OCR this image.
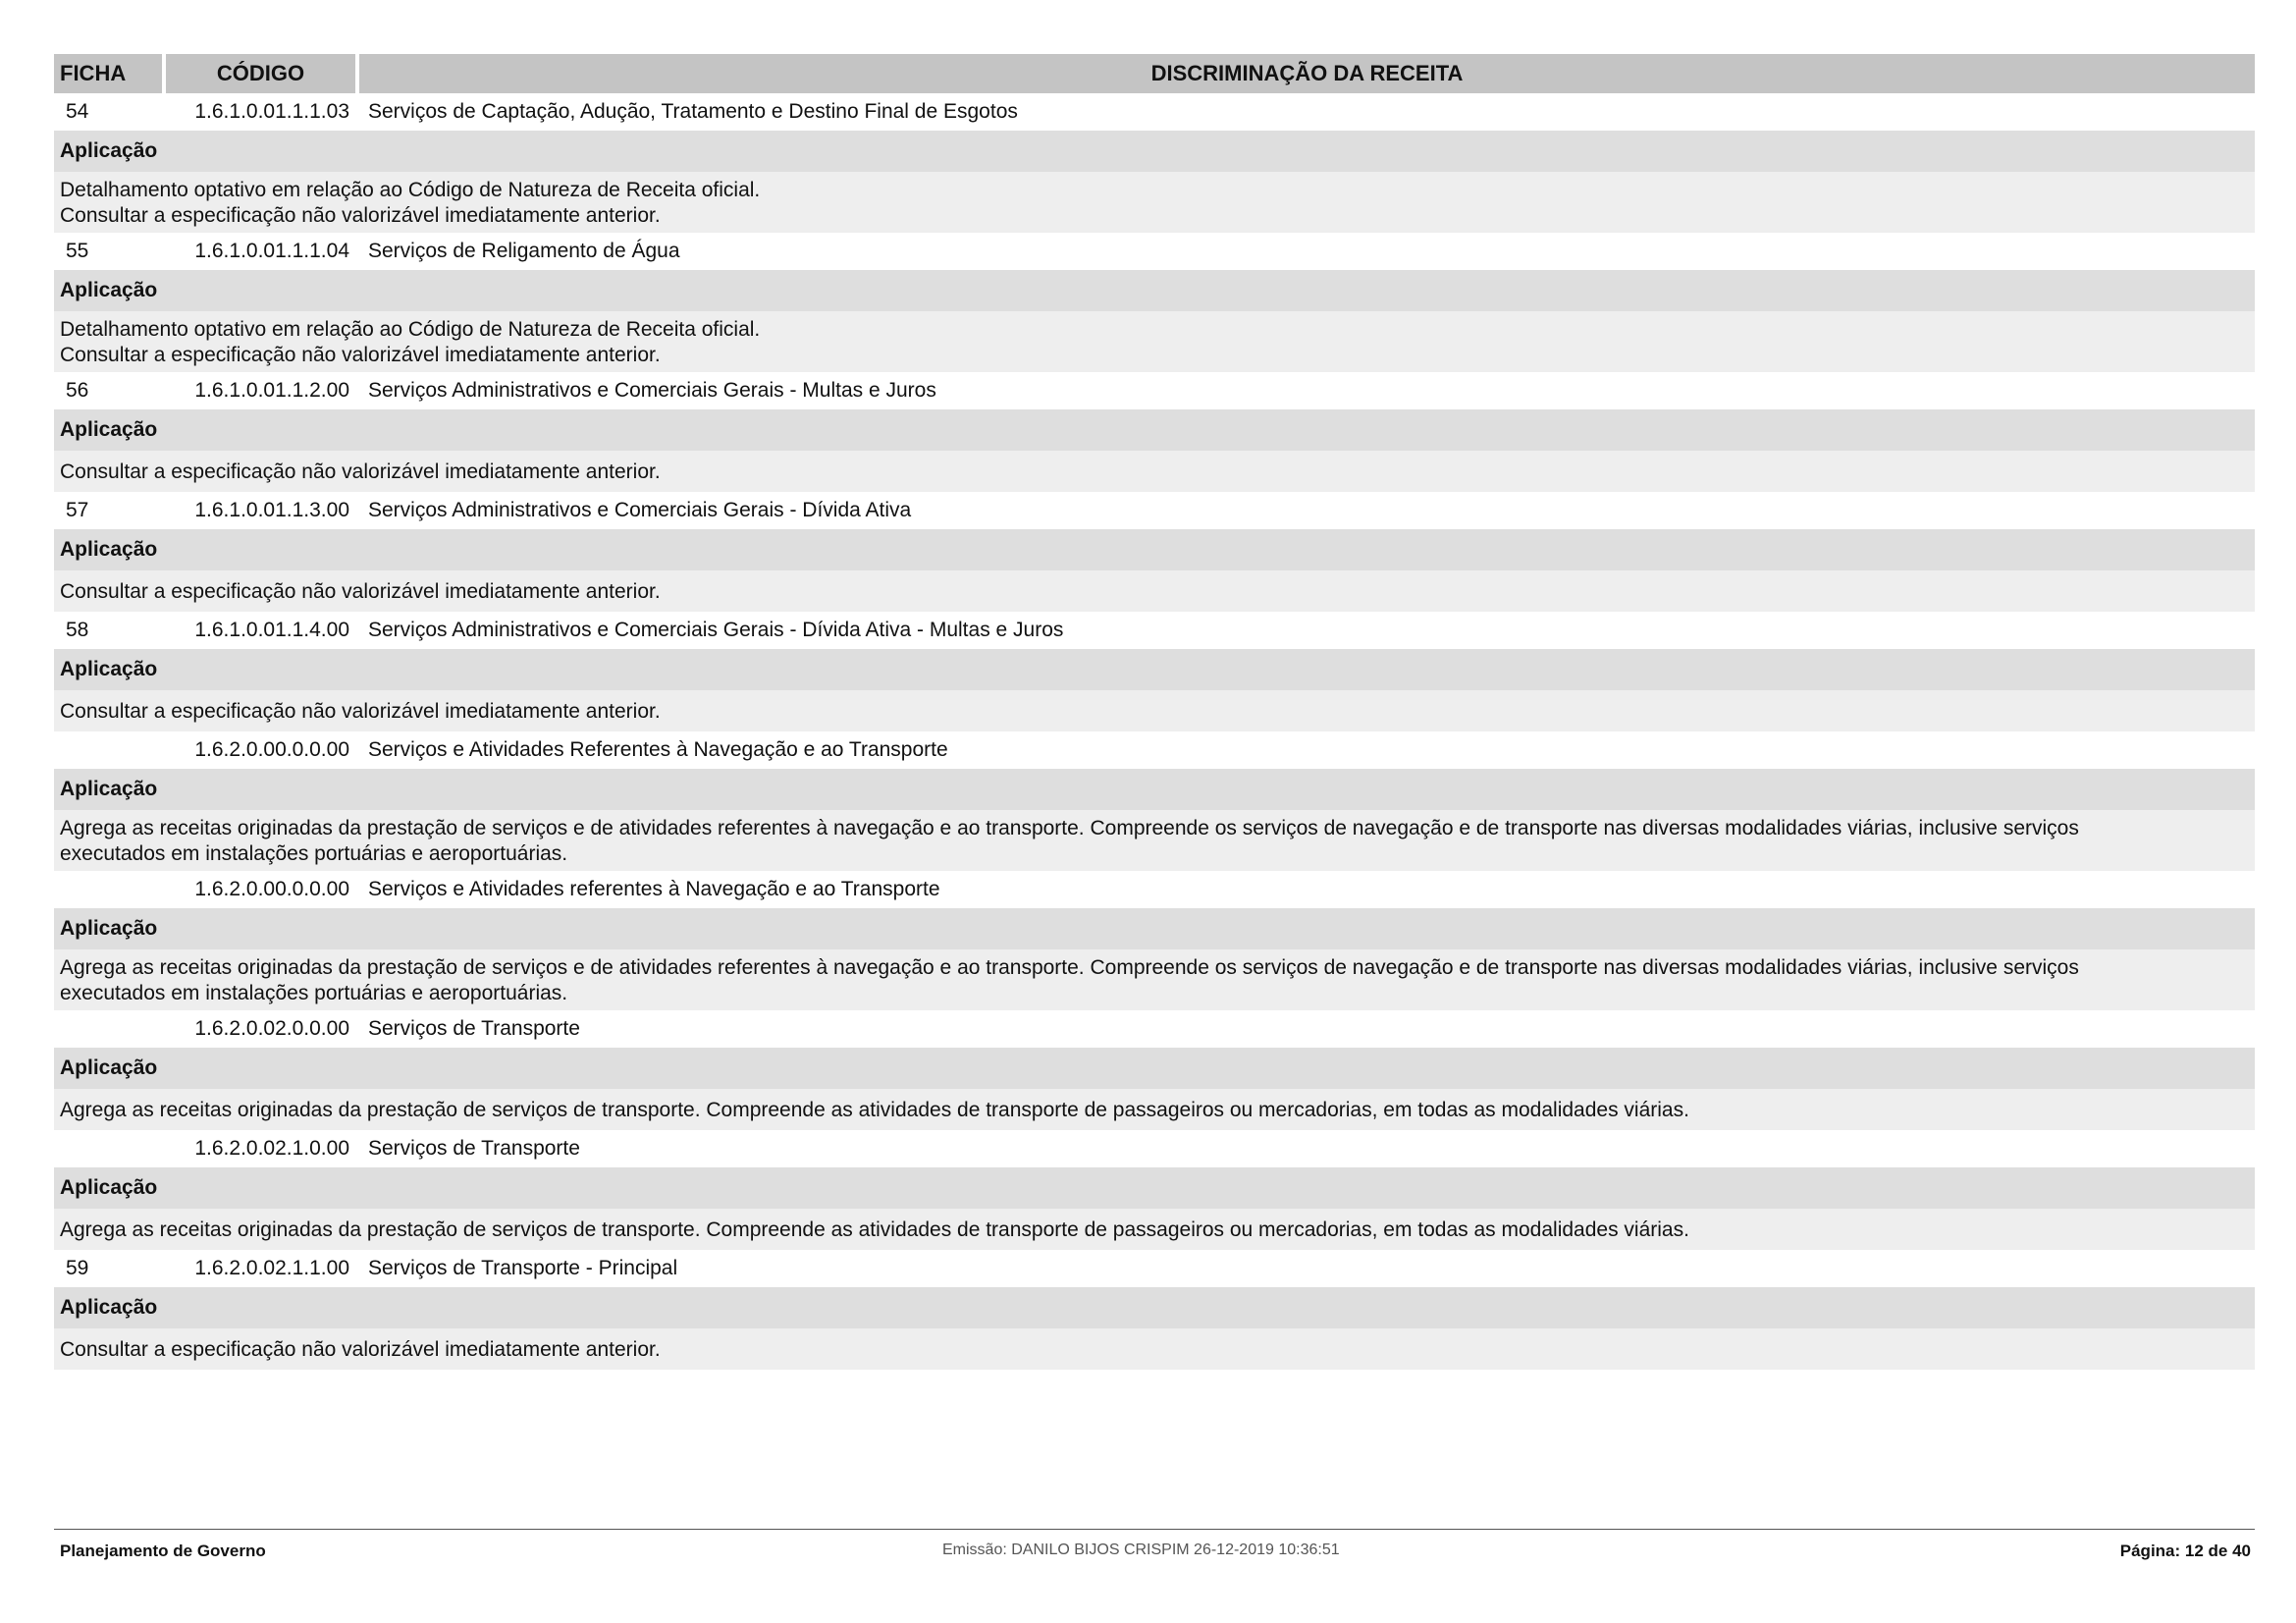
FICHA	CÓDIGO	DISCRIMINAÇÃO DA RECEITA
54	1.6.1.0.01.1.1.03 Serviços de Captação, Adução, Tratamento e Destino Final de Esgotos
Aplicação
Detalhamento optativo em relação ao Código de Natureza de Receita oficial.
Consultar a especificação não valorizável imediatamente anterior.
55	1.6.1.0.01.1.1.04 Serviços de Religamento de Água
Aplicação
Detalhamento optativo em relação ao Código de Natureza de Receita oficial.
Consultar a especificação não valorizável imediatamente anterior.
56	1.6.1.0.01.1.2.00 Serviços Administrativos e Comerciais Gerais - Multas e Juros
Aplicação
Consultar a especificação não valorizável imediatamente anterior.
57	1.6.1.0.01.1.3.00 Serviços Administrativos e Comerciais Gerais - Dívida Ativa
Aplicação
Consultar a especificação não valorizável imediatamente anterior.
58	1.6.1.0.01.1.4.00 Serviços Administrativos e Comerciais Gerais - Dívida Ativa - Multas e Juros
Aplicação
Consultar a especificação não valorizável imediatamente anterior.
1.6.2.0.00.0.0.00 Serviços e Atividades Referentes à Navegação e ao Transporte
Aplicação
Agrega as receitas originadas da prestação de serviços e de atividades referentes à navegação e ao transporte. Compreende os serviços de navegação e de transporte nas diversas modalidades viárias, inclusive serviços
executados em instalações portuárias e aeroportuárias.
1.6.2.0.00.0.0.00 Serviços e Atividades referentes à Navegação e ao Transporte
Aplicação
Agrega as receitas originadas da prestação de serviços e de atividades referentes à navegação e ao transporte. Compreende os serviços de navegação e de transporte nas diversas modalidades viárias, inclusive serviços
executados em instalações portuárias e aeroportuárias.
1.6.2.0.02.0.0.00 Serviços de Transporte
Aplicação
Agrega as receitas originadas da prestação de serviços de transporte. Compreende as atividades de transporte de passageiros ou mercadorias, em todas as modalidades viárias.
1.6.2.0.02.1.0.00 Serviços de Transporte
Aplicação
Agrega as receitas originadas da prestação de serviços de transporte. Compreende as atividades de transporte de passageiros ou mercadorias, em todas as modalidades viárias.
59	1.6.2.0.02.1.1.00 Serviços de Transporte - Principal
Aplicação
Consultar a especificação não valorizável imediatamente anterior.
Planejamento de Governo	Emissão: DANILO BIJOS CRISPIM 26-12-2019 10:36:51	Página: 12 de 40
